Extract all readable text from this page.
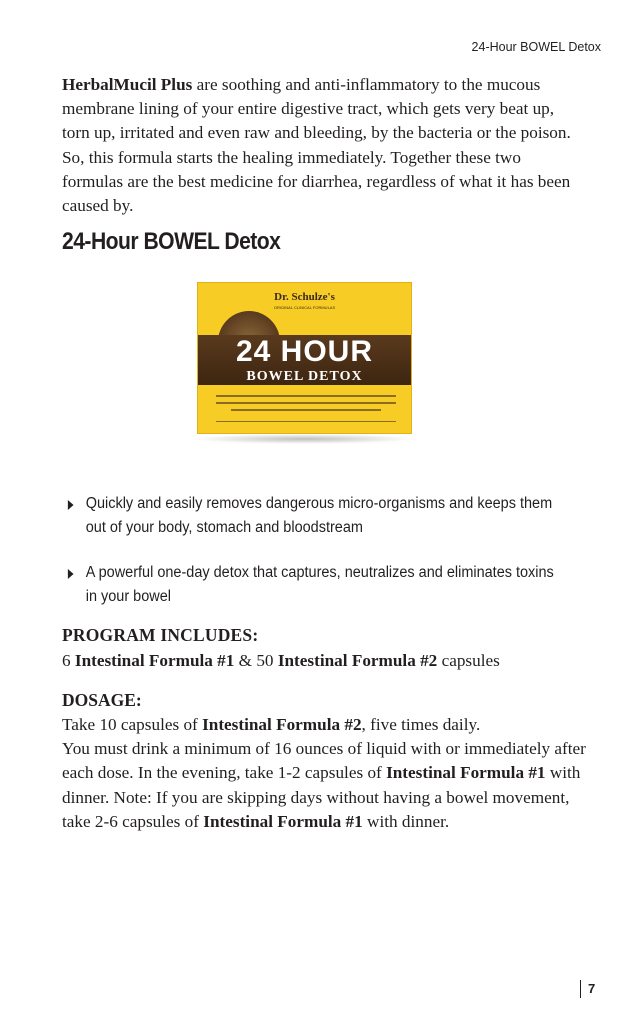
24-Hour BOWEL Detox

HerbalMucil Plus are soothing and anti-inflammatory to the mucous membrane lining of your entire digestive tract, which gets very beat up, torn up, irritated and even raw and bleeding, by the bacteria or the poison. So, this formula starts the healing immediately. Together these two formulas are the best medicine for diarrhea, regardless of what it has been caused by.

24-Hour BOWEL Detox
Dr. Schulze's
ORIGINAL CLINICAL FORMULAS
24 HOUR
BOWEL DETOX
Quickly and easily removes dangerous micro-organisms and keeps them out of your body, stomach and bloodstream
A powerful one-day detox that captures, neutralizes and eliminates toxins in your bowel
PROGRAM INCLUDES:

6 Intestinal Formula #1 & 50 Intestinal Formula #2 capsules

DOSAGE:

Take 10 capsules of Intestinal Formula #2, five times daily.

You must drink a minimum of 16 ounces of liquid with or immediately after each dose. In the evening, take 1-2 capsules of Intestinal Formula #1 with dinner. Note: If you are skipping days without having a bowel movement, take 2-6 capsules of Intestinal Formula #1 with dinner.

7
